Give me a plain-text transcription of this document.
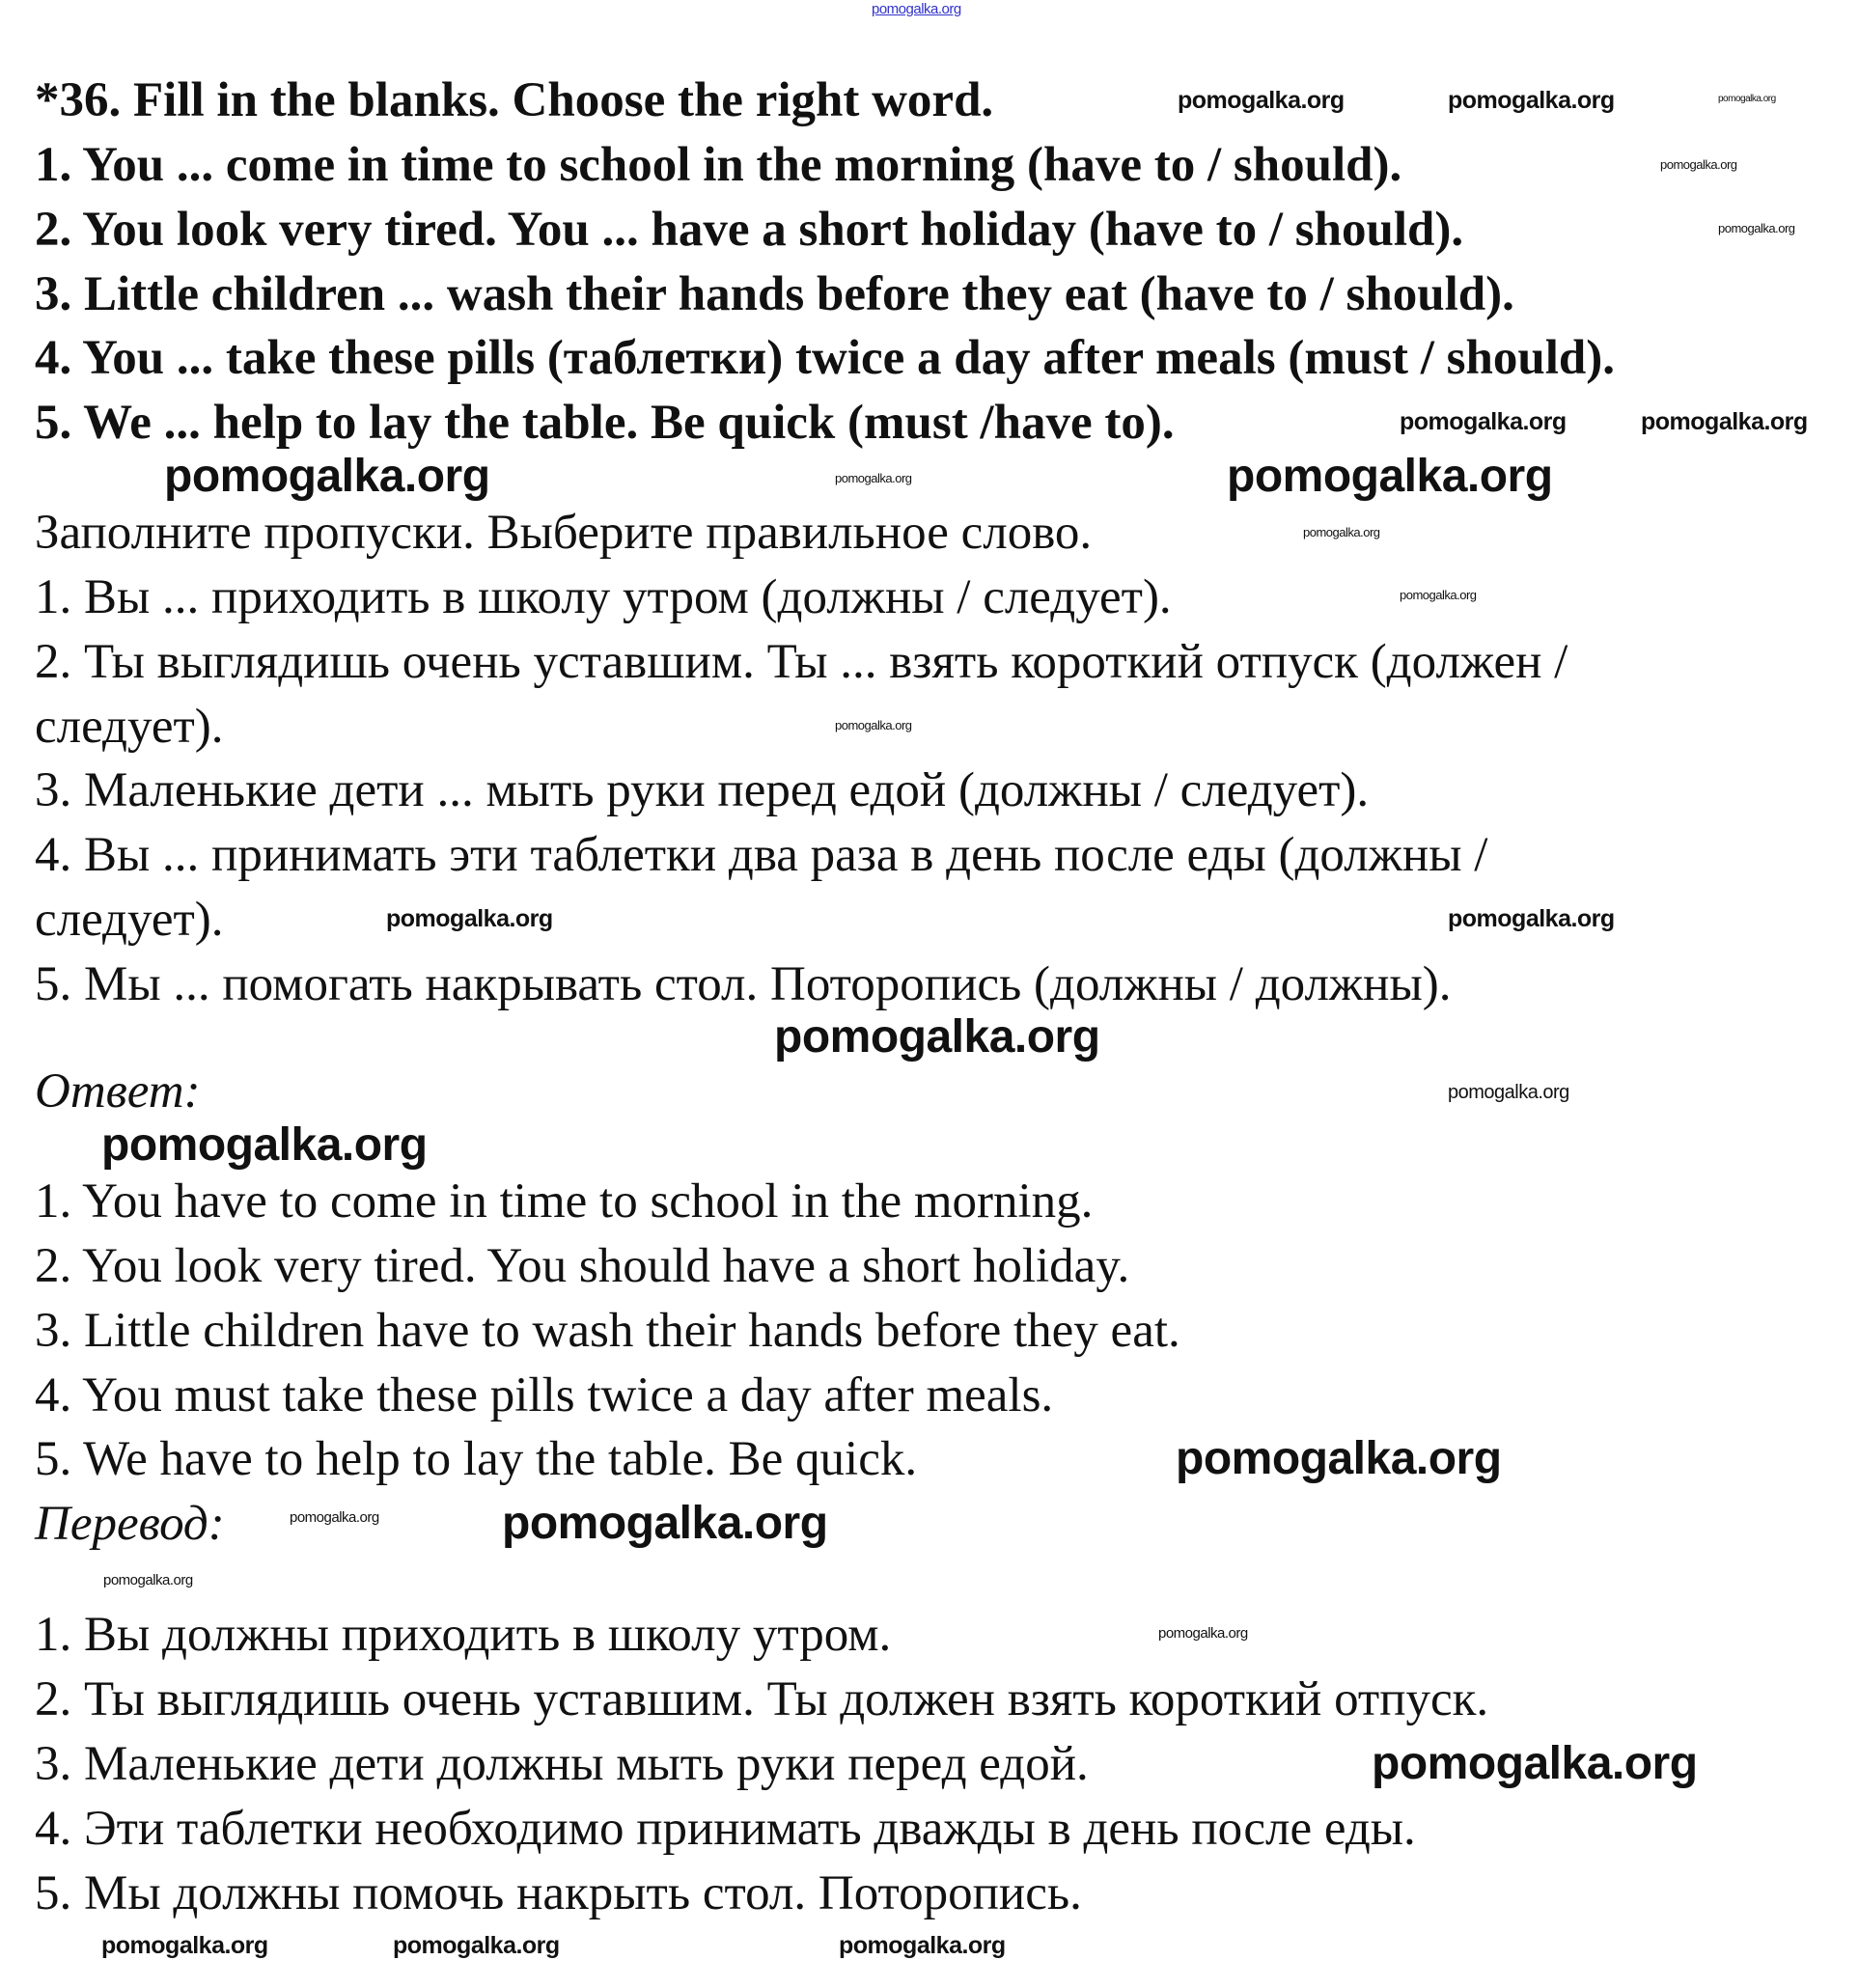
*36. Fill in the blanks. Choose the right word.
1. You ... come in time to school in the morning (have to / should).
2. You look very tired. You ... have a short holiday (have to / should).
3. Little children ... wash their hands before they eat (have to / should).
4. You ... take these pills (таблетки) twice a day after meals (must / should).
5. We ... help to lay the table. Be quick (must /have to).
Заполните пропуски. Выберите правильное слово.
1. Вы ... приходить в школу утром (должны / следует).
2. Ты выглядишь очень уставшим. Ты ... взять короткий отпуск (должен /
следует).
3. Маленькие дети ... мыть руки перед едой (должны / следует).
4. Вы ... принимать эти таблетки два раза в день после еды (должны /
следует).
5. Мы ... помогать накрывать стол. Поторопись (должны / должны).
Ответ:
1. You have to come in time to school in the morning.
2. You look very tired. You should have a short holiday.
3. Little children have to wash their hands before they eat.
4. You must take these pills twice a day after meals.
5. We have to help to lay the table. Be quick.
Перевод:
1. Вы должны приходить в школу утром.
2. Ты выглядишь очень уставшим. Ты должен взять короткий отпуск.
3. Маленькие дети должны мыть руки перед едой.
4. Эти таблетки необходимо принимать дважды в день после еды.
5. Мы должны помочь накрыть стол. Поторопись.
pomogalka.org
pomogalka.org	pomogalka.org
pomogalka.org
pomogalka.org
pomogalka.org
pomogalka.org
pomogalka.org
pomogalka.org	pomogalka.org
pomogalka.org	pomogalka.org
pomogalka.org	pomogalka.org
pomogalka.org	pomogalka.org	pomogalka.org
pomogalka.org
pomogalka.org
pomogalka.org
pomogalka.org
pomogalka.org
pomogalka.org
pomogalka.org
pomogalka.org
pomogalka.org
pomogalka.org
pomogalka.org
